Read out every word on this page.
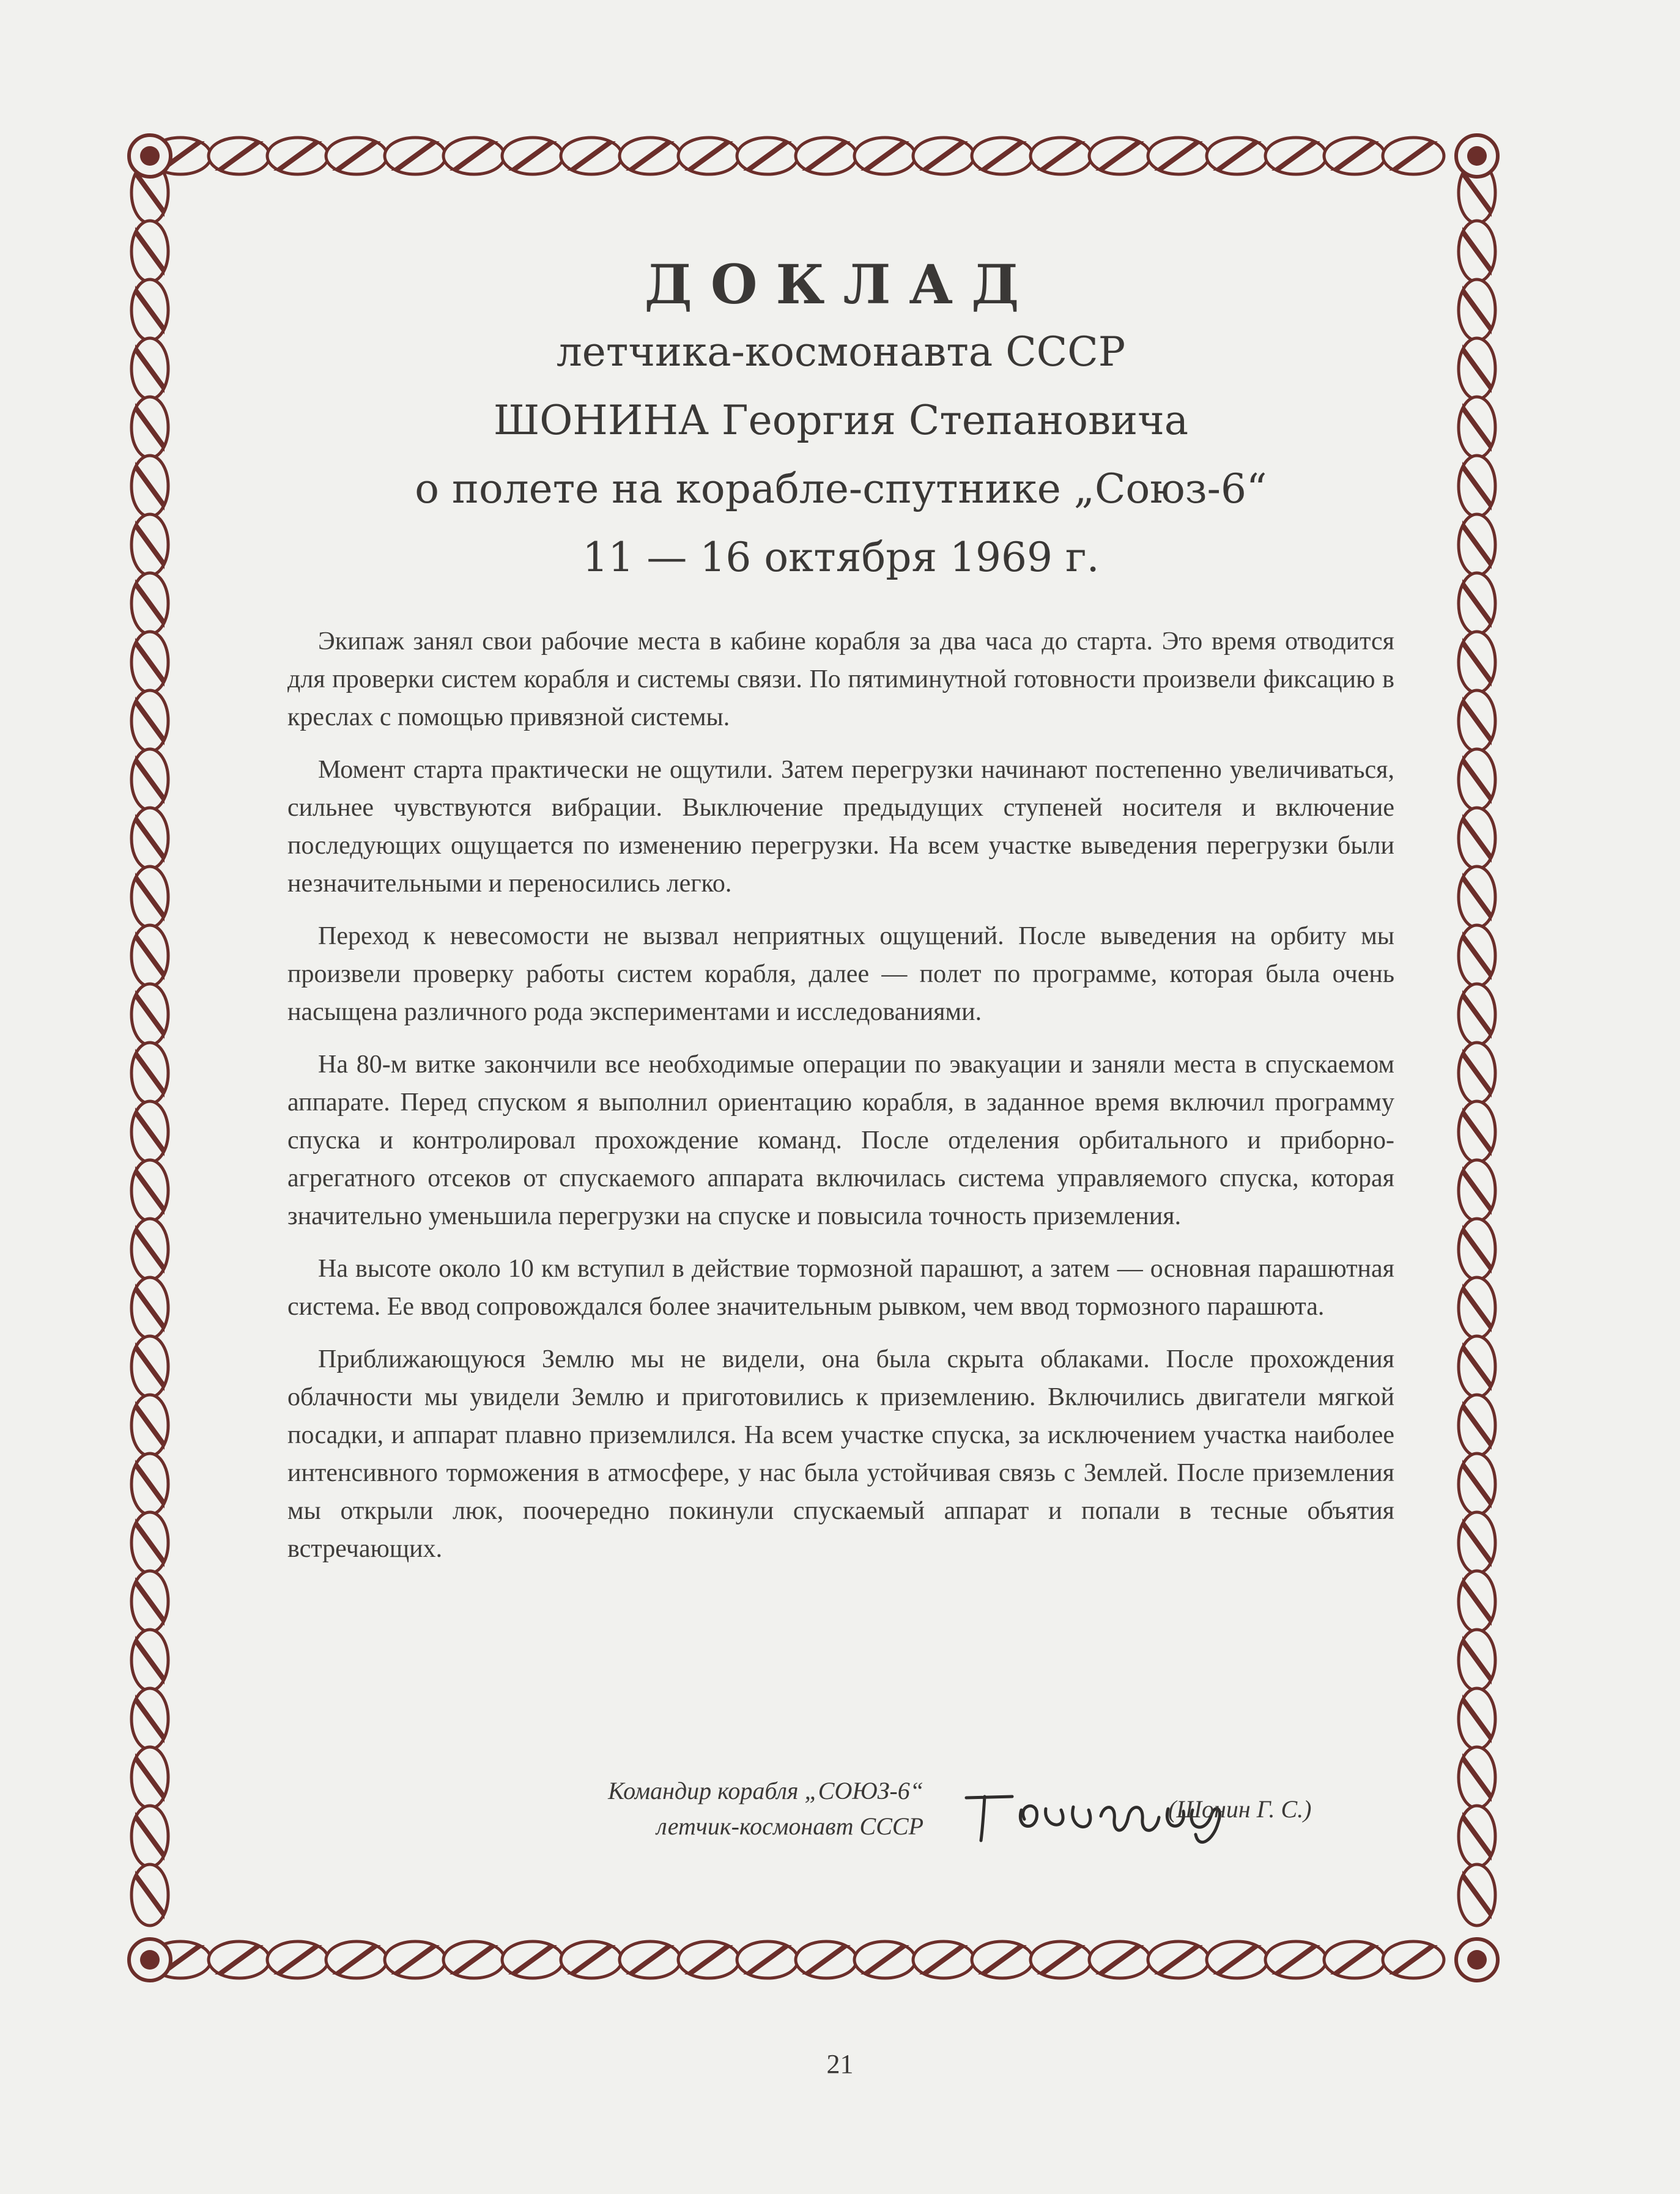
ДОКЛАД
летчика-космонавта СССР
ШОНИНА Георгия Степановича
о полете на корабле-спутнике „Союз-6“
11 — 16 октября 1969 г.

Экипаж занял свои рабочие места в кабине корабля за два часа до старта. Это время отводится для проверки систем корабля и системы связи. По пятиминутной готовности произвели фиксацию в креслах с помощью привязной системы.

Момент старта практически не ощутили. Затем перегрузки начинают постепенно увеличиваться, сильнее чувствуются вибрации. Выключение предыдущих ступеней носителя и включение последующих ощущается по изменению перегрузки. На всем участке выведения перегрузки были незначительными и переносились легко.

Переход к невесомости не вызвал неприятных ощущений. После выведения на орбиту мы произвели проверку работы систем корабля, далее — полет по программе, которая была очень насыщена различного рода экспериментами и исследованиями.

На 80-м витке закончили все необходимые операции по эвакуации и заняли места в спускаемом аппарате. Перед спуском я выполнил ориентацию корабля, в заданное время включил программу спуска и контролировал прохождение команд. После отделения орбитального и приборно-агрегатного отсеков от спускаемого аппарата включилась система управляемого спуска, которая значительно уменьшила перегрузки на спуске и повысила точность приземления.

На высоте около 10 км вступил в действие тормозной парашют, а затем — основная парашютная система. Ее ввод сопровождался более значительным рывком, чем ввод тормозного парашюта.

Приближающуюся Землю мы не видели, она была скрыта облаками. После прохождения облачности мы увидели Землю и приготовились к приземлению. Включились двигатели мягкой посадки, и аппарат плавно приземлился. На всем участке спуска, за исключением участка наиболее интенсивного торможения в атмосфере, у нас была устойчивая связь с Землей. После приземления мы открыли люк, поочередно покинули спускаемый аппарат и попали в тесные объятия встречающих.

Командир корабля „СОЮЗ-6“
летчик-космонавт СССР
(Шонин Г. С.)
21
